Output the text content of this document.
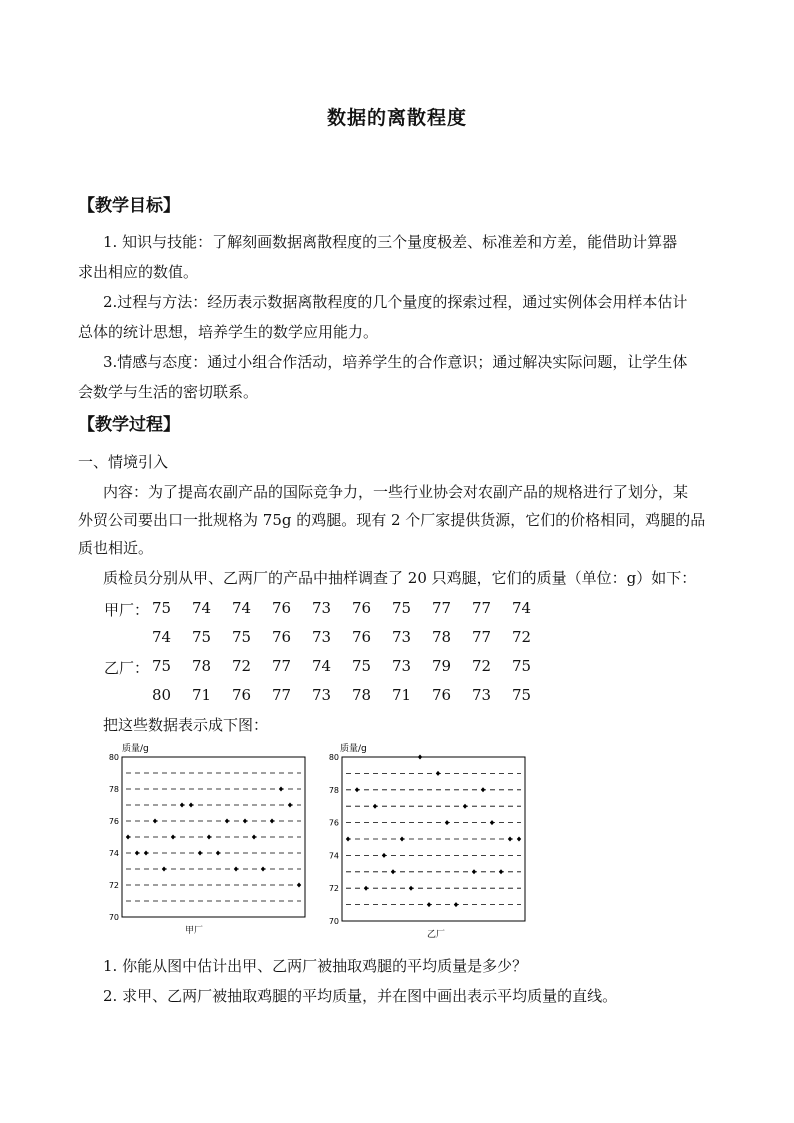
数据的离散程度
【教学目标】
1. 知识与技能：了解刻画数据离散程度的三个量度极差、标准差和方差，能借助计算器
求出相应的数值。
2.过程与方法：经历表示数据离散程度的几个量度的探索过程，通过实例体会用样本估计
总体的统计思想，培养学生的数学应用能力。
3.情感与态度：通过小组合作活动，培养学生的合作意识；通过解决实际问题，让学生体
会数学与生活的密切联系。
【教学过程】
一、情境引入
内容：为了提高农副产品的国际竞争力，一些行业协会对农副产品的规格进行了划分，某
外贸公司要出口一批规格为 75g 的鸡腿。现有 2 个厂家提供货源，它们的价格相同，鸡腿的品
质也相近。
质检员分别从甲、乙两厂的产品中抽样调查了 20 只鸡腿，它们的质量（单位：g）如下：
甲厂： 75 74 74 76 73 76 75 77 77 74
74 75 75 76 73 76 73 78 77 72
乙厂： 75 78 72 77 74 75 73 79 72 75
80 71 76 77 73 78 71 76 73 75
把这些数据表示成下图：
质量/g
70
72
74
76
78
80
甲厂
质量/g
70
72
74
76
78
80
乙厂
1. 你能从图中估计出甲、乙两厂被抽取鸡腿的平均质量是多少？
2. 求甲、乙两厂被抽取鸡腿的平均质量，并在图中画出表示平均质量的直线。
